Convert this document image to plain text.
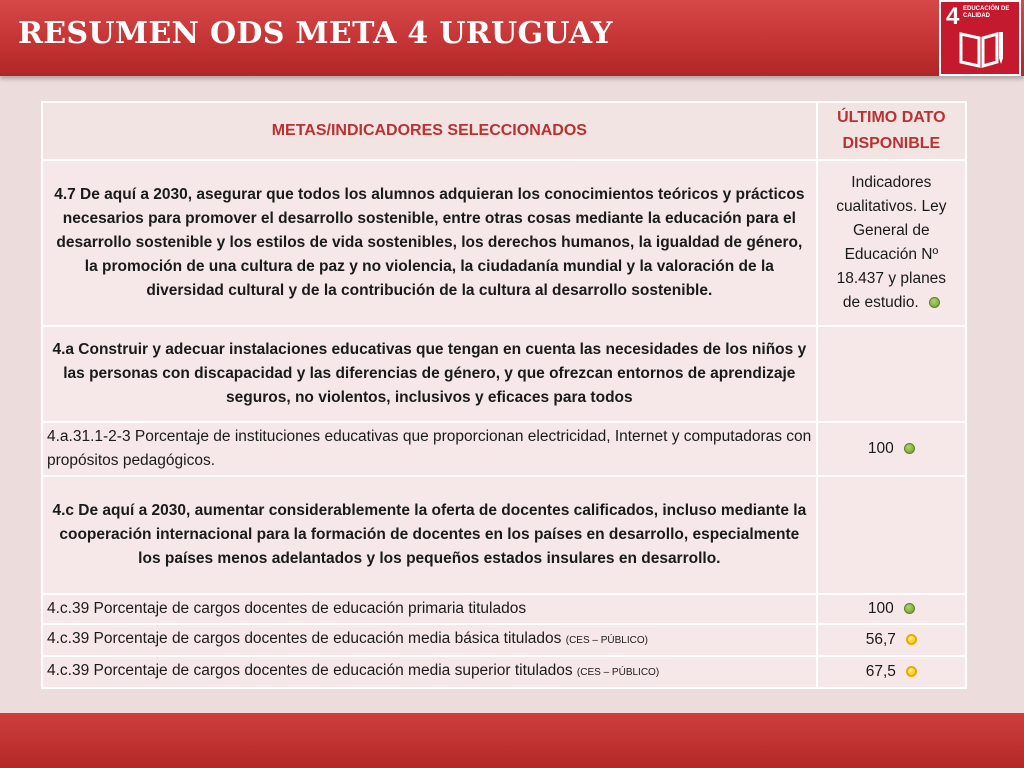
RESUMEN ODS META 4 URUGUAY	4 EDUCACIÓN DE CALIDAD
METAS/INDICADORES SELECCIONADOS	ÚLTIMO DATO DISPONIBLE
4.7 De aquí a 2030, asegurar que todos los alumnos adquieran los conocimientos teóricos y prácticos necesarios para promover el desarrollo sostenible, entre otras cosas mediante la educación para el desarrollo sostenible y los estilos de vida sostenibles, los derechos humanos, la igualdad de género, la promoción de una cultura de paz y no violencia, la ciudadanía mundial y la valoración de la diversidad cultural y de la contribución de la cultura al desarrollo sostenible.	Indicadores cualitativos. Ley General de Educación Nº 18.437 y planes de estudio.
4.a Construir y adecuar instalaciones educativas que tengan en cuenta las necesidades de los niños y las personas con discapacidad y las diferencias de género, y que ofrezcan entornos de aprendizaje seguros, no violentos, inclusivos y eficaces para todos	
4.a.31.1-2-3 Porcentaje de instituciones educativas que proporcionan electricidad, Internet y computadoras con propósitos pedagógicos.	100
4.c De aquí a 2030, aumentar considerablemente la oferta de docentes calificados, incluso mediante la cooperación internacional para la formación de docentes en los países en desarrollo, especialmente los países menos adelantados y los pequeños estados insulares en desarrollo.	
4.c.39 Porcentaje de cargos docentes de educación primaria titulados	100
4.c.39 Porcentaje de cargos docentes de educación media básica titulados (CES – PÚBLICO)	56,7
4.c.39 Porcentaje de cargos docentes de educación media superior titulados (CES – PÚBLICO)	67,5
